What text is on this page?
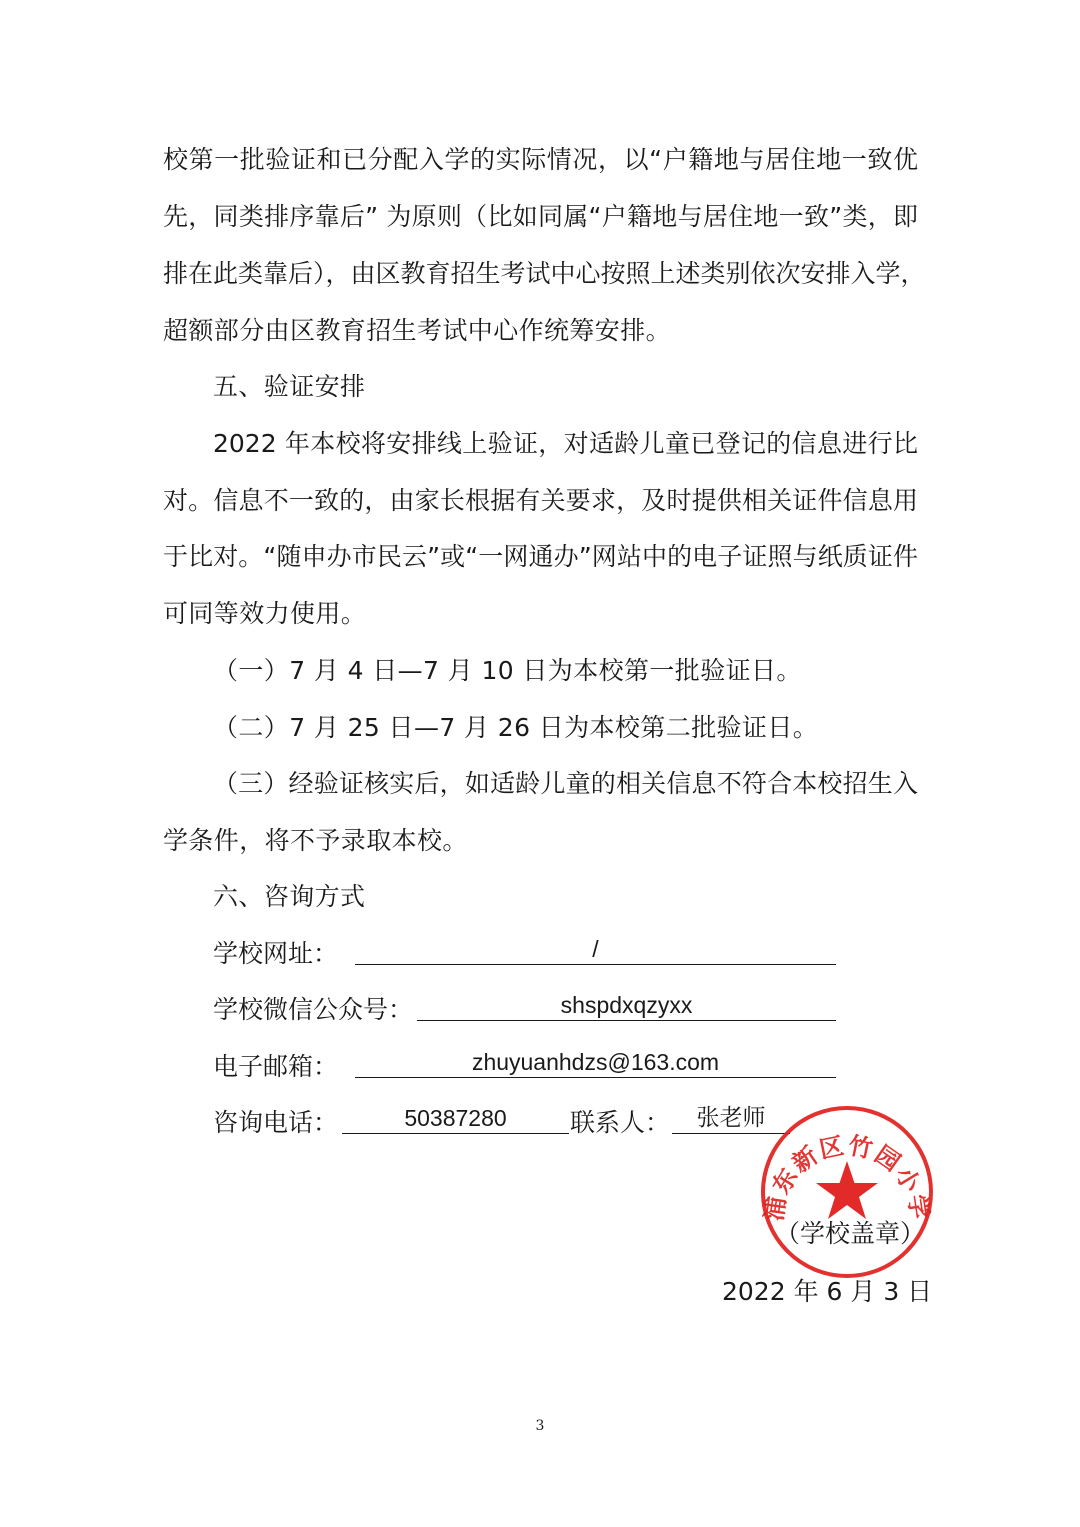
校第一批验证和已分配入学的实际情况，以“户籍地与居住地一致优
先，同类排序靠后” 为原则（比如同属“户籍地与居住地一致”类，即
排在此类靠后），由区教育招生考试中心按照上述类别依次安排入学，
超额部分由区教育招生考试中心作统筹安排。
五、验证安排
2022 年本校将安排线上验证，对适龄儿童已登记的信息进行比
对。信息不一致的，由家长根据有关要求，及时提供相关证件信息用
于比对。“随申办市民云”或“一网通办”网站中的电子证照与纸质证件
可同等效力使用。
（一）7 月 4 日—7 月 10 日为本校第一批验证日。
（二）7 月 25 日—7 月 26 日为本校第二批验证日。
（三）经验证核实后，如适龄儿童的相关信息不符合本校招生入
学条件，将不予录取本校。
六、咨询方式
学校网址：	/
学校微信公众号：	shspdxqzyxx
电子邮箱：	zhuyuanhdzs@163.com
咨询电话：	50387280	联系人：	张老师
浦东新区竹园小学
（学校盖章）
2022 年 6 月 3 日
3
